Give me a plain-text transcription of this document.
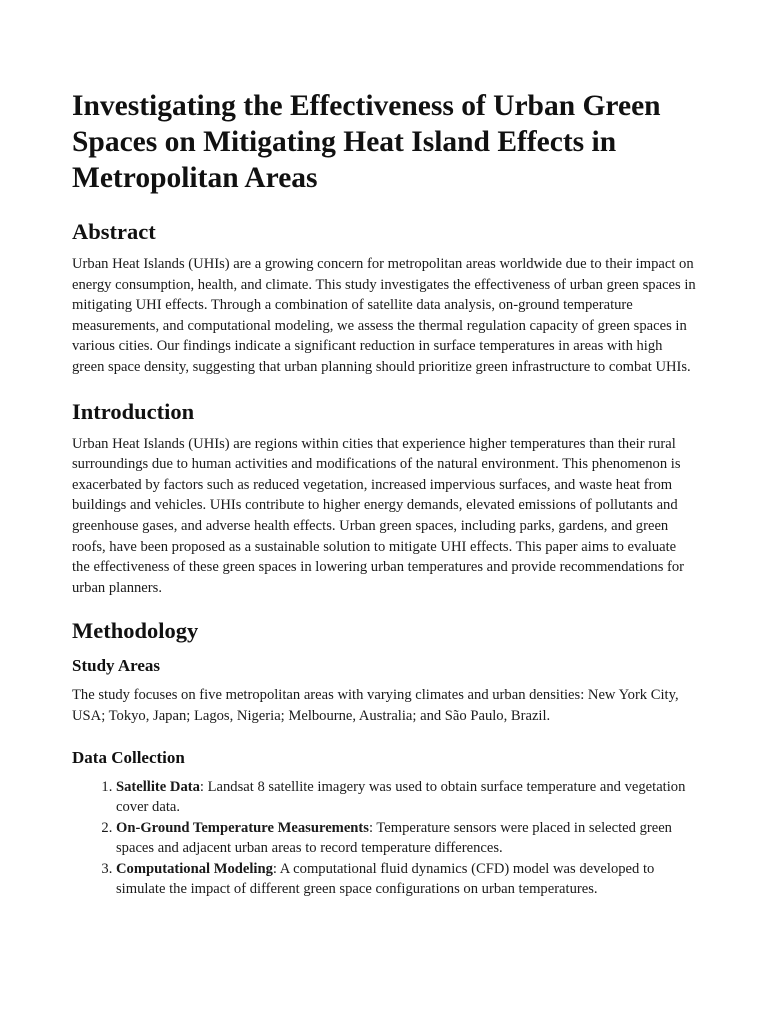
Investigating the Effectiveness of Urban Green Spaces on Mitigating Heat Island Effects in Metropolitan Areas
Abstract

Urban Heat Islands (UHIs) are a growing concern for metropolitan areas worldwide due to their impact on energy consumption, health, and climate. This study investigates the effectiveness of urban green spaces in mitigating UHI effects. Through a combination of satellite data analysis, on-ground temperature measurements, and computational modeling, we assess the thermal regulation capacity of green spaces in various cities. Our findings indicate a significant reduction in surface temperatures in areas with high green space density, suggesting that urban planning should prioritize green infrastructure to combat UHIs.

Introduction

Urban Heat Islands (UHIs) are regions within cities that experience higher temperatures than their rural surroundings due to human activities and modifications of the natural environment. This phenomenon is exacerbated by factors such as reduced vegetation, increased impervious surfaces, and waste heat from buildings and vehicles. UHIs contribute to higher energy demands, elevated emissions of pollutants and greenhouse gases, and adverse health effects. Urban green spaces, including parks, gardens, and green roofs, have been proposed as a sustainable solution to mitigate UHI effects. This paper aims to evaluate the effectiveness of these green spaces in lowering urban temperatures and provide recommendations for urban planners.

Methodology
Study Areas

The study focuses on five metropolitan areas with varying climates and urban densities: New York City, USA; Tokyo, Japan; Lagos, Nigeria; Melbourne, Australia; and São Paulo, Brazil.

Data Collection
1. Satellite Data: Landsat 8 satellite imagery was used to obtain surface temperature and vegetation cover data.
2. On-Ground Temperature Measurements: Temperature sensors were placed in selected green spaces and adjacent urban areas to record temperature differences.
3. Computational Modeling: A computational fluid dynamics (CFD) model was developed to simulate the impact of different green space configurations on urban temperatures.
